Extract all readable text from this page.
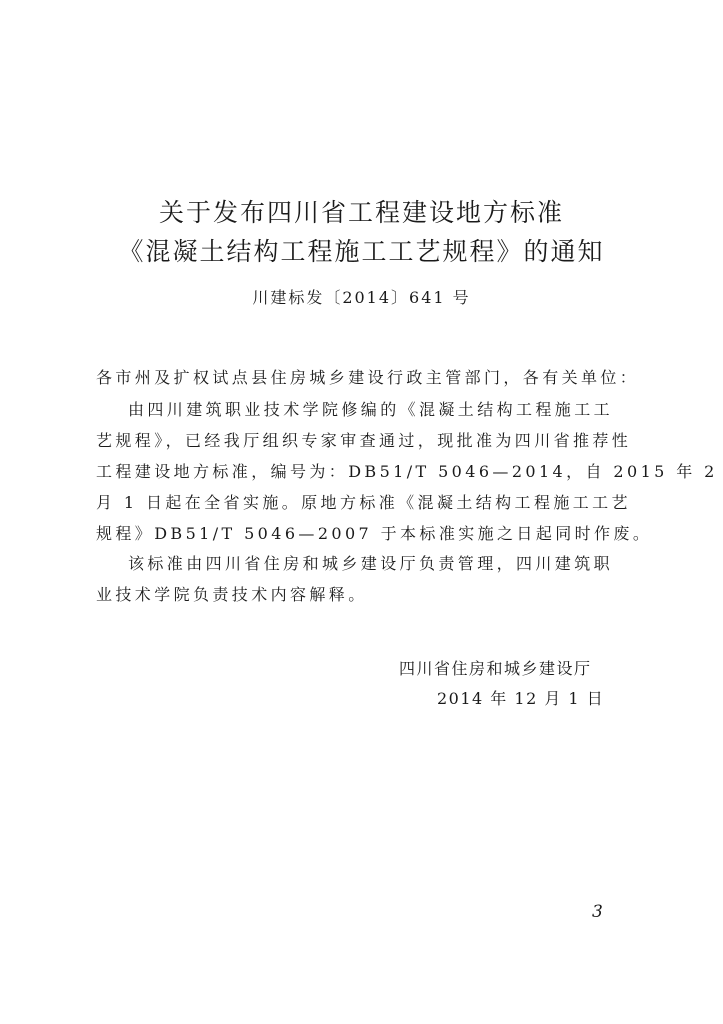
关于发布四川省工程建设地方标准
《混凝土结构工程施工工艺规程》的通知
川建标发〔2014〕641 号
各市州及扩权试点县住房城乡建设行政主管部门，各有关单位：
由四川建筑职业技术学院修编的《混凝土结构工程施工工
艺规程》，已经我厅组织专家审查通过，现批准为四川省推荐性
工程建设地方标准，编号为：DB51/T 5046—2014，自 2015 年 2
月 1 日起在全省实施。原地方标准《混凝土结构工程施工工艺
规程》DB51/T 5046—2007 于本标准实施之日起同时作废。
该标准由四川省住房和城乡建设厅负责管理，四川建筑职
业技术学院负责技术内容解释。
四川省住房和城乡建设厅
2014 年 12 月 1 日
3
